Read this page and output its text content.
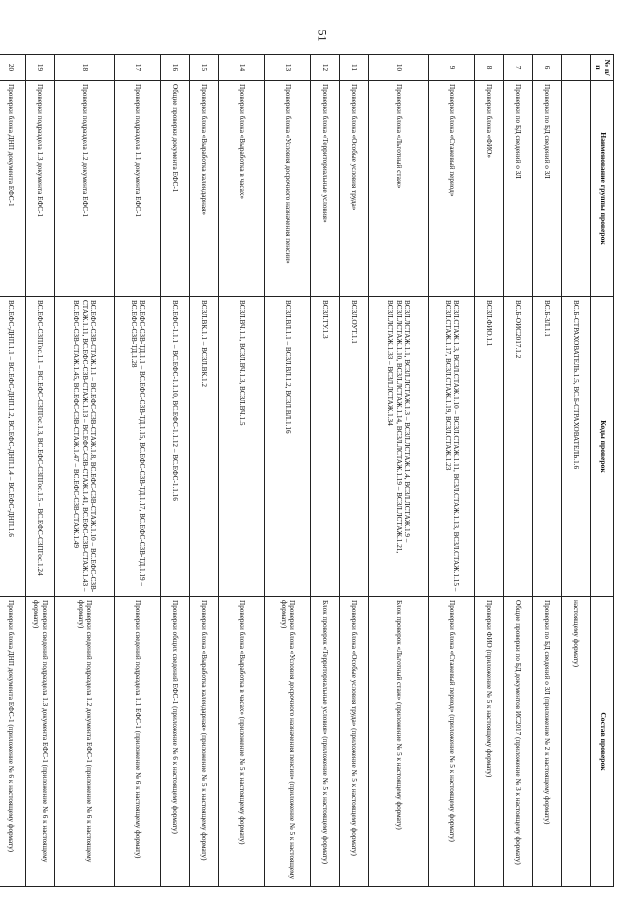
51
№ п/п	Наименование группы проверок	Коды проверок	Состав проверок
		ВС.Б-СТРАХОВАТЕЛЬ.1.5, ВС.Б-СТРАХОВАТЕЛЬ.1.6	настоящему формату)
6	Проверки по БД сведений о ЗЛ	ВС.Б-ЗЛ.1.1	Проверки по БД сведений о ЗЛ (приложение № 2 к настоящему формату)
7	Проверки по БД сведений о ЗЛ	ВС.Б-ОИС2017.1.2	Общие проверки по БД документов ИС2017 (приложение № 3 к настоящему формату)
8	Проверки блока «ФИО»	ВСЗЛ.ФИО.1.1	Проверки ФИО (приложение № 5 к настоящему формату)
9	Проверки блока «Стажевый период»	ВСЗЛ.СТАЖ.1.3, ВСЗЛ.СТАЖ.1.10 – ВСЗЛ.СТАЖ.1.11, ВСЗЛ.СТАЖ.1.13, ВСЗЛ.СТАЖ.1.15 – ВСЗЛ.СТАЖ.1.17, ВСЗЛ.СТАЖ.1.19, ВСЗЛ.СТАЖ.1.23	Проверки блока «Стажевый период» (приложение № 5 к настоящему формату)
10	Проверки блока «Льготный стаж»	ВСЗЛ.ЛСТАЖ.1.1, ВСЗЛ.ЛСТАЖ.1.3 – ВСЗЛ.ЛСТАЖ.1.4, ВСЗЛ.ЛСТАЖ.1.9 – ВСЗЛ.ЛСТАЖ.1.10, ВСЗЛ.ЛСТАЖ.1.14, ВСЗЛ.ЛСТАЖ.1.19 – ВСЗЛ.ЛСТАЖ.1.21, ВСЗЛ.ЛСТАЖ.1.33 – ВСЗЛ.ЛСТАЖ.1.34	Блок проверок «Льготный стаж» (приложение № 5 к настоящему формату)
11	Проверки блока «Особые условия труда»	ВСЗЛ.ОУТ.1.1	Проверки блока «Особые условия труда» (приложение № 5 к настоящему формату)
12	Проверки блока «Территориальные условия»	ВСЗЛ.ТУ.1.3	Блок проверок «Территориальные условия» (приложение № 5 к настоящему формату)
13	Проверки блока «Условия досрочного назначения пенсии»	ВСЗЛ.ВЛ.1.1 – ВСЗЛ.ВЛ.1.2, ВСЗЛ.ВЛ.1.16	Проверки блока «Условия досрочного назначения пенсии» (приложение № 5 к настоящему формату)
14	Проверки блока «Выработка в часах»	ВСЗЛ.ВЧ.1.1, ВСЗЛ.ВЧ.1.3, ВСЗЛ.ВЧ.1.5	Проверки блока «Выработка в часах» (приложение № 5 к настоящему формату)
15	Проверки блока «Выработка календарная»	ВСЗЛ.ВК.1.1 – ВСЗЛ.ВК.1.2	Проверки блока «Выработка календарная» (приложение № 5 к настоящему формату)
16	Общие проверки документа ЕФС-1	ВС.ЕФС-1.1.1 – ВС.ЕФС-1.1.10, ВС.ЕФС-1.1.12 – ВС.ЕФС-1.1.16	Проверки общих сведений ЕФС-1 (приложение № 6 к настоящему формату)
17	Проверки подраздела 1.1 документа ЕФС-1	ВС.ЕФС-СЗВ-ТД.1.1 – ВС.ЕФС-СЗВ-ТД.1.15, ВС.ЕФС-СЗВ-ТД.1.17, ВС.ЕФС-СЗВ-ТД.1.19 – ВС.ЕФС-СЗВ-ТД.1.28	Проверки сведений подраздела 1.1 ЕФС-1 (приложение № 6 к настоящему формату)
18	Проверки подраздела 1.2 документа ЕФС-1	ВС.ЕФС-СЗВ-СТАЖ.1.1 – ВС.ЕФС-СЗВ-СТАЖ.1.8, ВС.ЕФС-СЗВ-СТАЖ.1.10 – ВС.ЕФС-СЗВ-СТАЖ.1.11, ВС.ЕФС-СЗВ-СТАЖ.1.13 – ВС.ЕФС-СЗВ-СТАЖ.1.41, ВС.ЕФС-СЗВ-СТАЖ.1.43 – ВС.ЕФС-СЗВ-СТАЖ.1.45, ВС.ЕФС-СЗВ-СТАЖ.1.47 – ВС.ЕФС-СЗВ-СТАЖ.1.49	Проверки сведений подраздела 1.2 документа ЕФС-1 (приложение № 6 к настоящему формату)
19	Проверки подраздела 1.3 документа ЕФС-1	ВС.ЕФС-СЗПГос.1.1 – ВС.ЕФС-СЗПГос.1.3, ВС.ЕФС-СЗПГос.1.5 – ВС.ЕФС-СЗПГос.1.24	Проверки сведений подраздела 1.3 документа ЕФС-1 (приложение № 6 к настоящему формату)
20	Проверки блока ДНП документа ЕФС-1	ВС.ЕФС-ДНП.1.1 – ВС.ЕФС-ДНП.1.2, ВС.ЕФС-ДНП.1.4 – ВС.ЕФС-ДНП.1.6	Проверки блока ДНП документа ЕФС-1 (приложение № 6 к настоящему формату)
